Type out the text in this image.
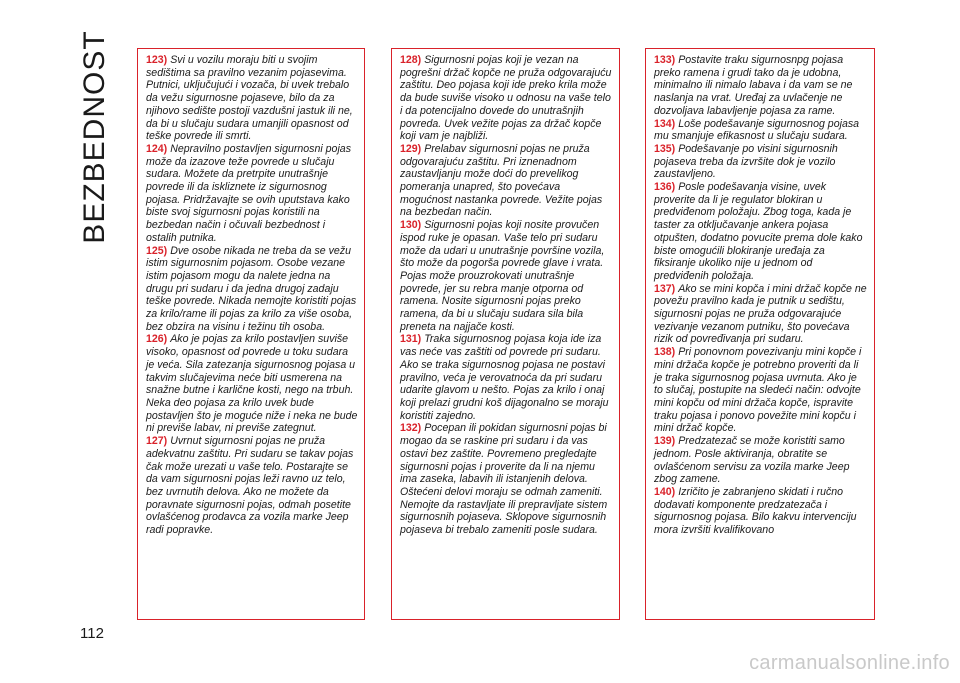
BEZBEDNOST
112

123) Svi u vozilu moraju biti u svojim sedištima sa pravilno vezanim pojasevima. Putnici, uključujući i vozača, bi uvek trebalo da vežu sigurnosne pojaseve, bilo da za njihovo sedište postoji vazdušni jastuk ili ne, da bi u slučaju sudara umanjili opasnost od teške povrede ili smrti.

124) Nepravilno postavljen sigurnosni pojas može da izazove teže povrede u slučaju sudara. Možete da pretrpite unutrašnje povrede ili da iskliznete iz sigurnosnog pojasa. Pridržavajte se ovih uputstava kako biste svoj sigurnosni pojas koristili na bezbedan način i očuvali bezbednost i ostalih putnika.

125) Dve osobe nikada ne treba da se vežu istim sigurnosnim pojasom. Osobe vezane istim pojasom mogu da nalete jedna na drugu pri sudaru i da jedna drugoj zadaju teške povrede. Nikada nemojte koristiti pojas za krilo/rame ili pojas za krilo za više osoba, bez obzira na visinu i težinu tih osoba.

126) Ako je pojas za krilo postavljen suviše visoko, opasnost od povrede u toku sudara je veća. Sila zatezanja sigurnosnog pojasa u takvim slučajevima neće biti usmerena na snažne butne i karlične kosti, nego na trbuh. Neka deo pojasa za krilo uvek bude postavljen što je moguće niže i neka ne bude ni previše labav, ni previše zategnut.

127) Uvrnut sigurnosni pojas ne pruža adekvatnu zaštitu. Pri sudaru se takav pojas čak može urezati u vaše telo. Postarajte se da vam sigurnosni pojas leži ravno uz telo, bez uvrnutih delova. Ako ne možete da poravnate sigurnosni pojas, odmah posetite ovlašćenog prodavca za vozila marke Jeep radi popravke.

128) Sigurnosni pojas koji je vezan na pogrešni držač kopče ne pruža odgovarajuću zaštitu. Deo pojasa koji ide preko krila može da bude suviše visoko u odnosu na vaše telo i da potencijalno dovede do unutrašnjih povreda. Uvek vežite pojas za držač kopče koji vam je najbliži.

129) Prelabav sigurnosni pojas ne pruža odgovarajuću zaštitu. Pri iznenadnom zaustavljanju može doći do prevelikog pomeranja unapred, što povećava mogućnost nastanka povrede. Vežite pojas na bezbedan način.

130) Sigurnosni pojas koji nosite provučen ispod ruke je opasan. Vaše telo pri sudaru može da udari u unutrašnje površine vozila, što može da pogorša povrede glave i vrata. Pojas može prouzrokovati unutrašnje povrede, jer su rebra manje otporna od ramena. Nosite sigurnosni pojas preko ramena, da bi u slučaju sudara sila bila preneta na najjače kosti.

131) Traka sigurnosnog pojasa koja ide iza vas neće vas zaštiti od povrede pri sudaru. Ako se traka sigurnosnog pojasa ne postavi pravilno, veća je verovatnoća da pri sudaru udarite glavom u nešto. Pojas za krilo i onaj koji prelazi grudni koš dijagonalno se moraju koristiti zajedno.

132) Pocepan ili pokidan sigurnosni pojas bi mogao da se raskine pri sudaru i da vas ostavi bez zaštite. Povremeno pregledajte sigurnosni pojas i proverite da li na njemu ima zaseka, labavih ili istanjenih delova. Oštećeni delovi moraju se odmah zameniti. Nemojte da rastavljate ili prepravljate sistem sigurnosnih pojaseva. Sklopove sigurnosnih pojaseva bi trebalo zameniti posle sudara.

133) Postavite traku sigurnosnpg pojasa preko ramena i grudi tako da je udobna, minimalno ili nimalo labava i da vam se ne naslanja na vrat. Uređaj za uvlačenje ne dozvoljava labavljenje pojasa za rame.

134) Loše podešavanje sigurnosnog pojasa mu smanjuje efikasnost u slučaju sudara.

135) Podešavanje po visini sigurnosnih pojaseva treba da izvršite dok je vozilo zaustavljeno.

136) Posle podešavanja visine, uvek proverite da li je regulator blokiran u predviđenom položaju. Zbog toga, kada je taster za otključavanje ankera pojasa otpušten, dodatno povucite prema dole kako biste omogućili blokiranje uređaja za fiksiranje ukoliko nije u jednom od predviđenih položaja.

137) Ako se mini kopča i mini držač kopče ne povežu pravilno kada je putnik u sedištu, sigurnosni pojas ne pruža odgovarajuće vezivanje vezanom putniku, što povećava rizik od povređivanja pri sudaru.

138) Pri ponovnom povezivanju mini kopče i mini držača kopče je potrebno proveriti da li je traka sigurnosnog pojasa uvrnuta. Ako je to slučaj, postupite na sledeći način: odvojte mini kopču od mini držača kopče, ispravite traku pojasa i ponovo povežite mini kopču i mini držač kopče.

139) Predzatezač se može koristiti samo jednom. Posle aktiviranja, obratite se ovlašćenom servisu za vozila marke Jeep zbog zamene.

140) Izričito je zabranjeno skidati i ručno dodavati komponente predzatezača i sigurnosnog pojasa. Bilo kakvu intervenciju mora izvršiti kvalifikovano

carmanualsonline.info
